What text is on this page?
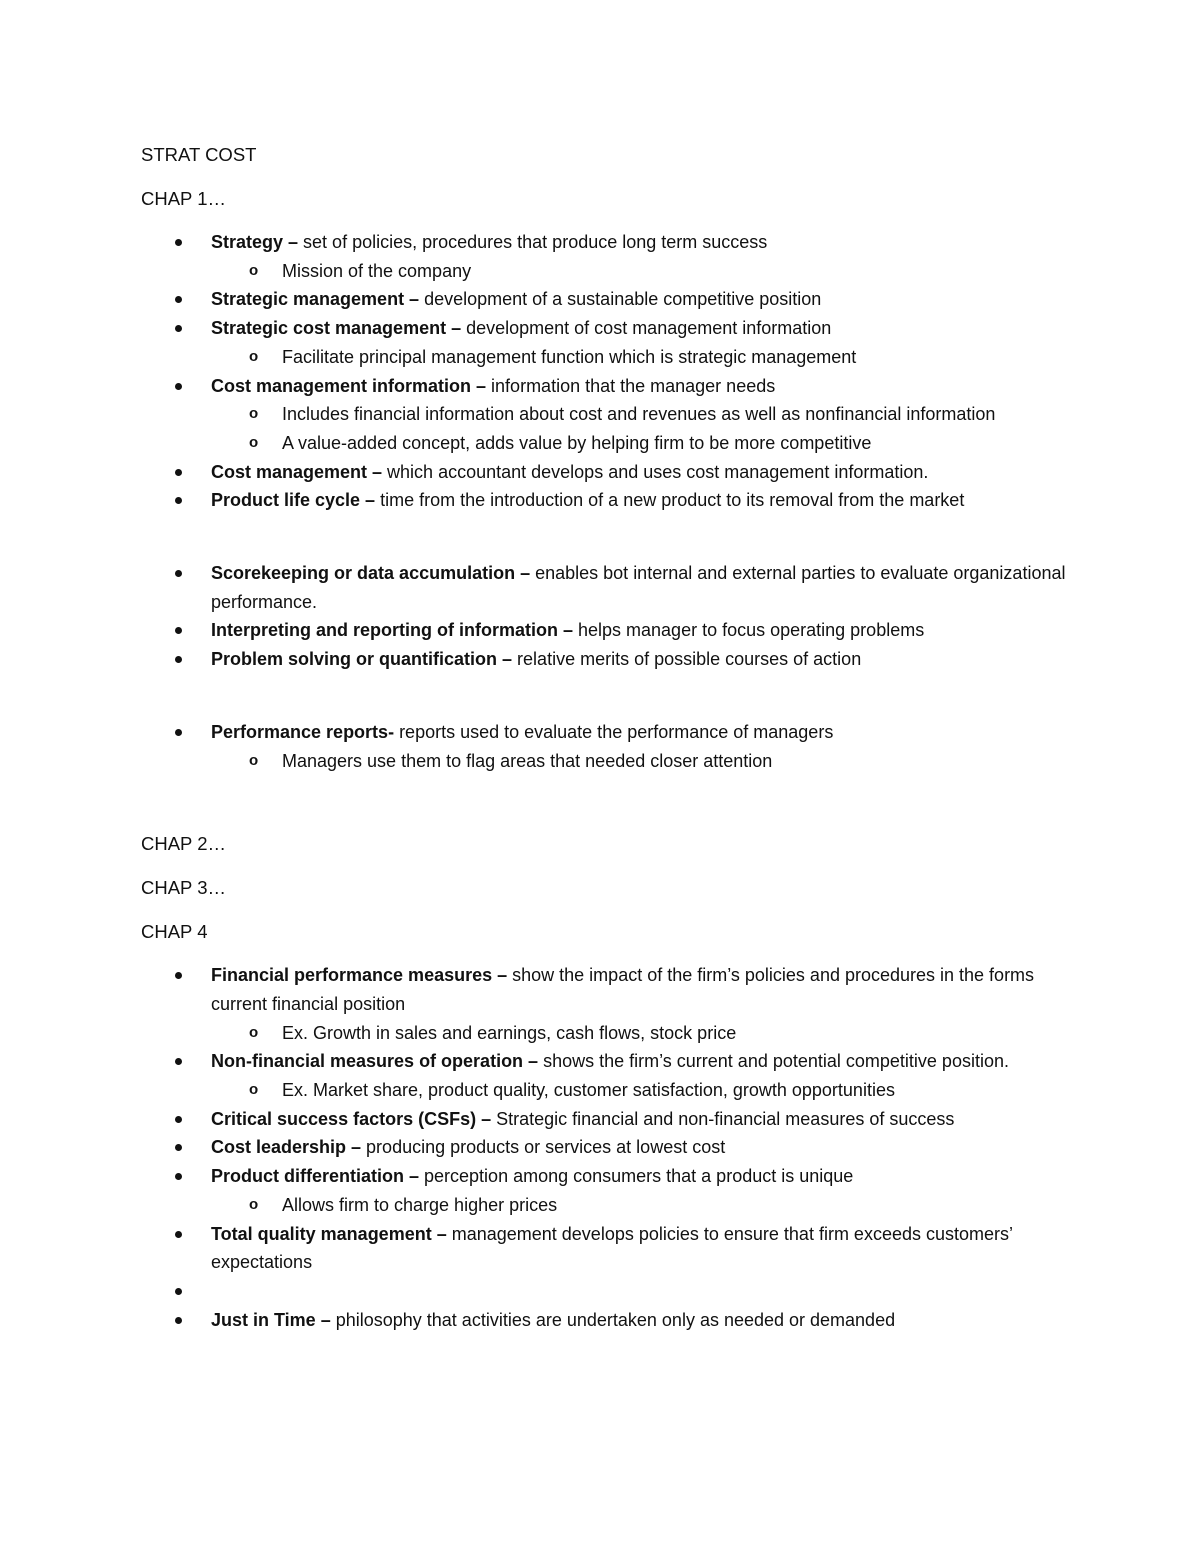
STRAT COST

CHAP 1…

Strategy – set of policies, procedures that produce long term success
o Mission of the company
Strategic management – development of a sustainable competitive position
Strategic cost management – development of cost management information
o Facilitate principal management function which is strategic management
Cost management information – information that the manager needs
o Includes financial information about cost and revenues as well as nonfinancial information
o A value-added concept, adds value by helping firm to be more competitive
Cost management – which accountant develops and uses cost management information.
Product life cycle – time from the introduction of a new product to its removal from the market
Scorekeeping or data accumulation – enables bot internal and external parties to evaluate organizational performance.
Interpreting and reporting of information – helps manager to focus operating problems
Problem solving or quantification – relative merits of possible courses of action
Performance reports- reports used to evaluate the performance of managers
o Managers use them to flag areas that needed closer attention

CHAP 2…

CHAP 3…

CHAP 4

Financial performance measures – show the impact of the firm’s policies and procedures in the forms current financial position
o Ex. Growth in sales and earnings, cash flows, stock price
Non-financial measures of operation – shows the firm’s current and potential competitive position.
o Ex. Market share, product quality, customer satisfaction, growth opportunities
Critical success factors (CSFs) – Strategic financial and non-financial measures of success
Cost leadership – producing products or services at lowest cost
Product differentiation – perception among consumers that a product is unique
o Allows firm to charge higher prices
Total quality management – management develops policies to ensure that firm exceeds customers’ expectations
Just in Time – philosophy that activities are undertaken only as needed or demanded
